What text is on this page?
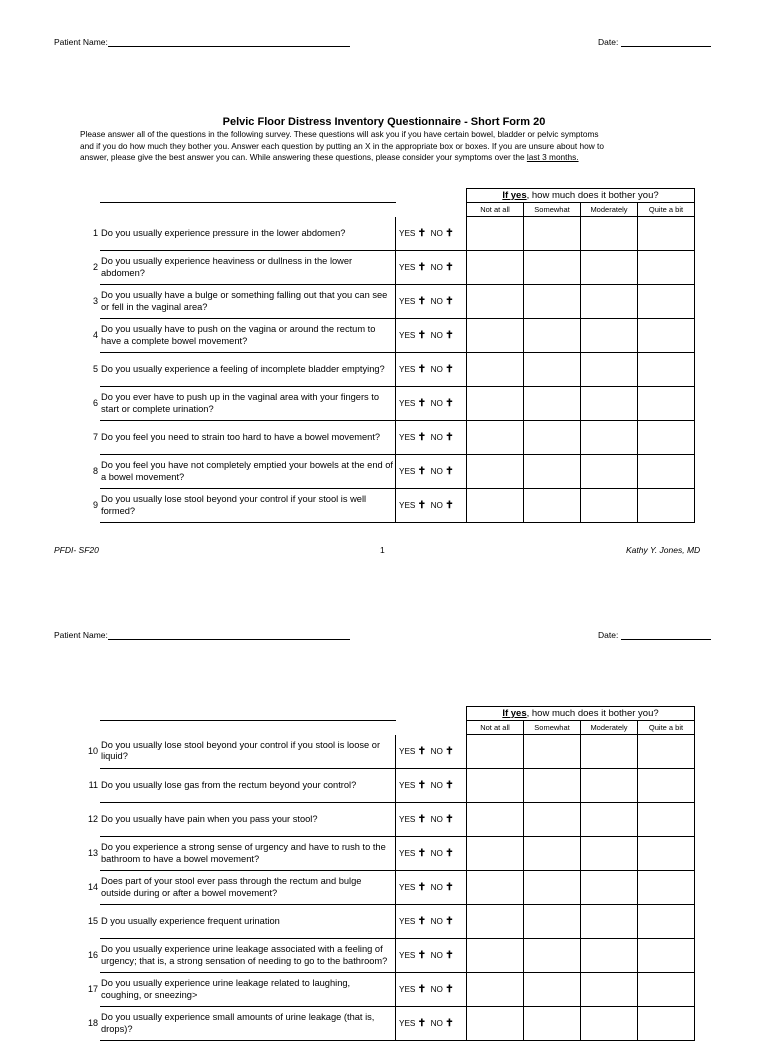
Patient Name:	Date:
Pelvic Floor Distress Inventory Questionnaire - Short Form 20
Please answer all of the questions in the following survey. These questions will ask you if you have certain bowel, bladder or pelvic symptoms
and if you do how much they bother you. Answer each question by putting an X in the appropriate box or boxes. If you are unsure about how to
answer, please give the best answer you can. While answering these questions, please consider your symptoms over the last 3 months.
			If yes, how much does it bother you?			
			Not at all	Somewhat	Moderately	Quite a bit
1	Do you usually experience pressure in the lower abdomen?	YES ✝ NO ✝				
2	Do you usually experience heaviness or dullness in the lower abdomen?	YES ✝ NO ✝				
3	Do you usually have a bulge or something falling out that you can see or fell in the vaginal area?	YES ✝ NO ✝				
4	Do you usually have to push on the vagina or around the rectum to have a complete bowel movement?	YES ✝ NO ✝				
5	Do you usually experience a feeling of incomplete bladder emptying?	YES ✝ NO ✝				
6	Do you ever have to push up in the vaginal area with your fingers to start or complete urination?	YES ✝ NO ✝				
7	Do you feel you need to strain too hard to have a bowel movement?	YES ✝ NO ✝				
8	Do you feel you have not completely emptied your bowels at the end of a bowel movement?	YES ✝ NO ✝				
9	Do you usually lose stool beyond your control if your stool is well formed?	YES ✝ NO ✝				
PFDI- SF20	1	Kathy Y. Jones, MD
Patient Name:	Date:
			If yes, how much does it bother you?			
			Not at all	Somewhat	Moderately	Quite a bit
10	Do you usually lose stool beyond your control if you stool is loose or liquid?	YES ✝ NO ✝				
11	Do you usually lose gas from the rectum beyond your control?	YES ✝ NO ✝				
12	Do you usually have pain when you pass your stool?	YES ✝ NO ✝				
13	Do you experience a strong sense of urgency and have to rush to the bathroom to have a bowel movement?	YES ✝ NO ✝				
14	Does part of your stool ever pass through the rectum and bulge outside during or after a bowel movement?	YES ✝ NO ✝				
15	D you usually experience frequent urination	YES ✝ NO ✝				
16	Do you usually experience urine leakage associated with a feeling of urgency; that is, a strong sensation of needing to go to the bathroom?	YES ✝ NO ✝				
17	Do you usually experience urine leakage related to laughing, coughing, or sneezing>	YES ✝ NO ✝				
18	Do you usually experience small amounts of urine leakage (that is, drops)?	YES ✝ NO ✝				
